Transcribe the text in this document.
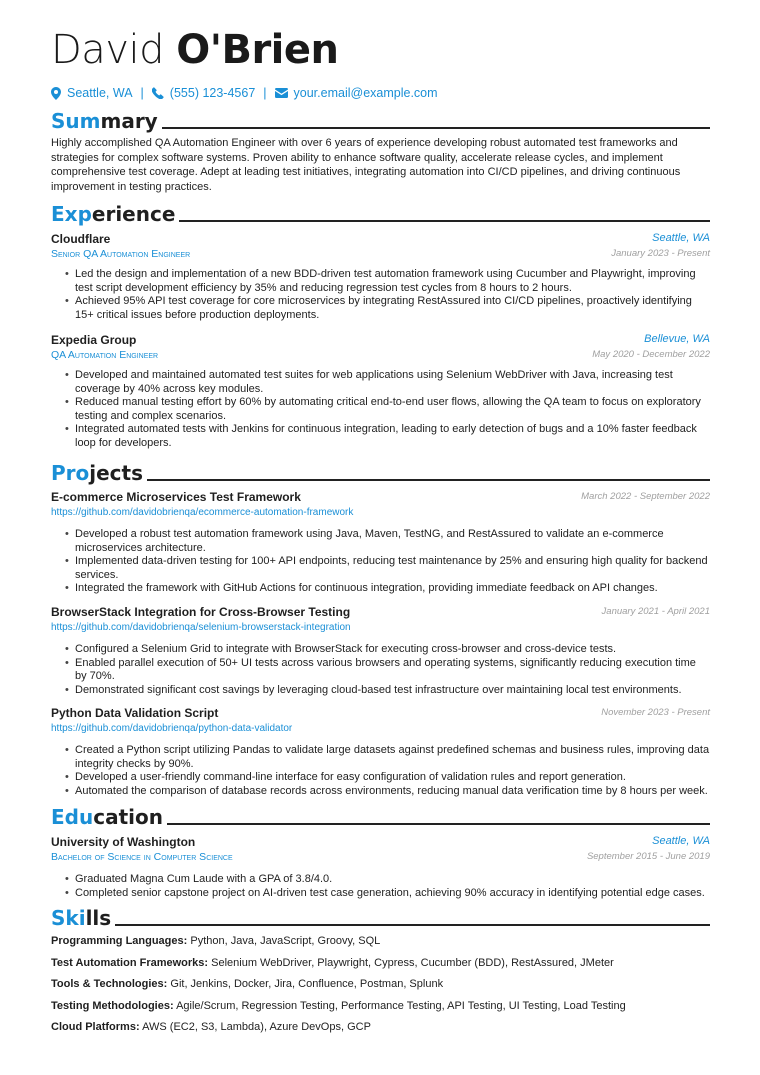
David O'Brien
Seattle, WA | (555) 123-4567 | your.email@example.com
Summary
Highly accomplished QA Automation Engineer with over 6 years of experience developing robust automated test frameworks and strategies for complex software systems. Proven ability to enhance software quality, accelerate release cycles, and implement comprehensive test coverage. Adept at leading test initiatives, integrating automation into CI/CD pipelines, and driving continuous improvement in testing practices.
Experience
Cloudflare	Seattle, WA
Senior QA Automation Engineer	January 2023 - Present
• Led the design and implementation of a new BDD-driven test automation framework using Cucumber and Playwright, improving test script development efficiency by 35% and reducing regression test cycles from 8 hours to 2 hours.
• Achieved 95% API test coverage for core microservices by integrating RestAssured into CI/CD pipelines, proactively identifying 15+ critical issues before production deployments.
Expedia Group	Bellevue, WA
QA Automation Engineer	May 2020 - December 2022
• Developed and maintained automated test suites for web applications using Selenium WebDriver with Java, increasing test coverage by 40% across key modules.
• Reduced manual testing effort by 60% by automating critical end-to-end user flows, allowing the QA team to focus on exploratory testing and complex scenarios.
• Integrated automated tests with Jenkins for continuous integration, leading to early detection of bugs and a 10% faster feedback loop for developers.
Projects
E-commerce Microservices Test Framework	March 2022 - September 2022
https://github.com/davidobrienqa/ecommerce-automation-framework
• Developed a robust test automation framework using Java, Maven, TestNG, and RestAssured to validate an e-commerce microservices architecture.
• Implemented data-driven testing for 100+ API endpoints, reducing test maintenance by 25% and ensuring high quality for backend services.
• Integrated the framework with GitHub Actions for continuous integration, providing immediate feedback on API changes.
BrowserStack Integration for Cross-Browser Testing	January 2021 - April 2021
https://github.com/davidobrienqa/selenium-browserstack-integration
• Configured a Selenium Grid to integrate with BrowserStack for executing cross-browser and cross-device tests.
• Enabled parallel execution of 50+ UI tests across various browsers and operating systems, significantly reducing execution time by 70%.
• Demonstrated significant cost savings by leveraging cloud-based test infrastructure over maintaining local test environments.
Python Data Validation Script	November 2023 - Present
https://github.com/davidobrienqa/python-data-validator
• Created a Python script utilizing Pandas to validate large datasets against predefined schemas and business rules, improving data integrity checks by 90%.
• Developed a user-friendly command-line interface for easy configuration of validation rules and report generation.
• Automated the comparison of database records across environments, reducing manual data verification time by 8 hours per week.
Education
University of Washington	Seattle, WA
Bachelor of Science in Computer Science	September 2015 - June 2019
• Graduated Magna Cum Laude with a GPA of 3.8/4.0.
• Completed senior capstone project on AI-driven test case generation, achieving 90% accuracy in identifying potential edge cases.
Skills

Programming Languages: Python, Java, JavaScript, Groovy, SQL

Test Automation Frameworks: Selenium WebDriver, Playwright, Cypress, Cucumber (BDD), RestAssured, JMeter

Tools & Technologies: Git, Jenkins, Docker, Jira, Confluence, Postman, Splunk

Testing Methodologies: Agile/Scrum, Regression Testing, Performance Testing, API Testing, UI Testing, Load Testing

Cloud Platforms: AWS (EC2, S3, Lambda), Azure DevOps, GCP
